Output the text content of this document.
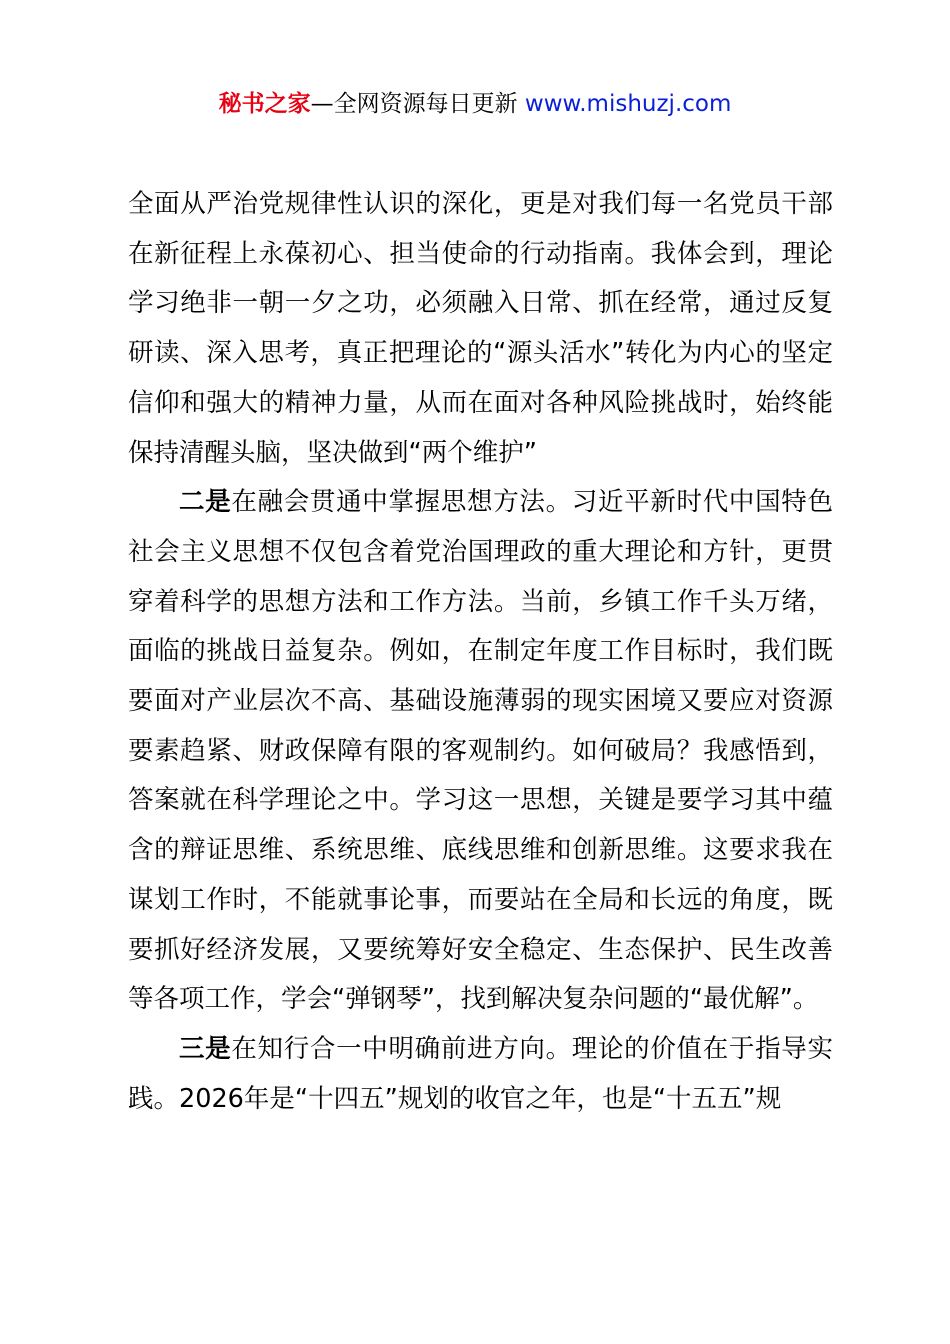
秘书之家—全网资源每日更新 www.mishuzj.com

全面从严治党规律性认识的深化，更是对我们每一名党员干部在新征程上永葆初心、担当使命的行动指南。我体会到，理论学习绝非一朝一夕之功，必须融入日常、抓在经常，通过反复研读、深入思考，真正把理论的“源头活水”转化为内心的坚定信仰和强大的精神力量，从而在面对各种风险挑战时，始终能保持清醒头脑，坚决做到“两个维护”

二是在融会贯通中掌握思想方法。习近平新时代中国特色社会主义思想不仅包含着党治国理政的重大理论和方针，更贯穿着科学的思想方法和工作方法。当前，乡镇工作千头万绪，面临的挑战日益复杂。例如，在制定年度工作目标时，我们既要面对产业层次不高、基础设施薄弱的现实困境又要应对资源要素趋紧、财政保障有限的客观制约。如何破局？我感悟到，答案就在科学理论之中。学习这一思想，关键是要学习其中蕴含的辩证思维、系统思维、底线思维和创新思维。这要求我在谋划工作时，不能就事论事，而要站在全局和长远的角度，既要抓好经济发展，又要统筹好安全稳定、生态保护、民生改善等各项工作，学会“弹钢琴”，找到解决复杂问题的“最优解”。

三是在知行合一中明确前进方向。理论的价值在于指导实践。2026年是“十四五”规划的收官之年，也是“十五五”规
